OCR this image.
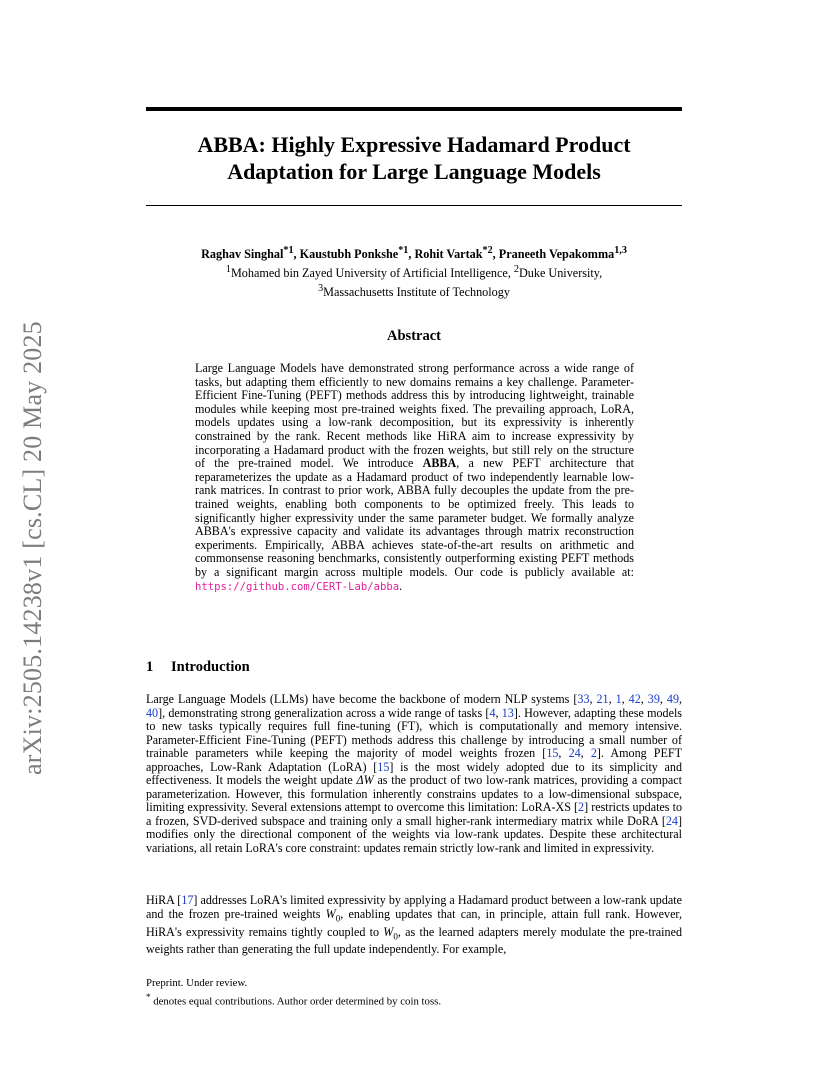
ABBA: Highly Expressive Hadamard Product
Adaptation for Large Language Models
arXiv:2505.14238v1 [cs.CL] 20 May 2025
Raghav Singhal$^{*1}$, Kaustubh Ponkshe$^{*1}$, Rohit Vartak$^{*2}$, Praneeth Vepakomma$^{1,3}$
$^1$Mohamed bin Zayed University of Artificial Intelligence, $^2$Duke University,
$^3$Massachusetts Institute of Technology
Abstract
Large Language Models have demonstrated strong performance across a wide range of tasks, but adapting them efficiently to new domains remains a key challenge. Parameter-Efficient Fine-Tuning (PEFT) methods address this by introducing lightweight, trainable modules while keeping most pre-trained weights fixed. The prevailing approach, LoRA, models updates using a low-rank decomposition, but its expressivity is inherently constrained by the rank. Recent methods like HiRA aim to increase expressivity by incorporating a Hadamard product with the frozen weights, but still rely on the structure of the pre-trained model. We introduce ABBA, a new PEFT architecture that reparameterizes the update as a Hadamard product of two independently learnable low-rank matrices. In contrast to prior work, ABBA fully decouples the update from the pre-trained weights, enabling both components to be optimized freely. This leads to significantly higher expressivity under the same parameter budget. We formally analyze ABBA's expressive capacity and validate its advantages through matrix reconstruction experiments. Empirically, ABBA achieves state-of-the-art results on arithmetic and commonsense reasoning benchmarks, consistently outperforming existing PEFT methods by a significant margin across multiple models. Our code is publicly available at: https://github.com/CERT-Lab/abba.
1 Introduction

Large Language Models (LLMs) have become the backbone of modern NLP systems [33, 21, 1, 42, 39, 49, 40], demonstrating strong generalization across a wide range of tasks [4, 13]. However, adapting these models to new tasks typically requires full fine-tuning (FT), which is computationally and memory intensive. Parameter-Efficient Fine-Tuning (PEFT) methods address this challenge by introducing a small number of trainable parameters while keeping the majority of model weights frozen [15, 24, 2]. Among PEFT approaches, Low-Rank Adaptation (LoRA) [15] is the most widely adopted due to its simplicity and effectiveness. It models the weight update ΔW as the product of two low-rank matrices, providing a compact parameterization. However, this formulation inherently constrains updates to a low-dimensional subspace, limiting expressivity. Several extensions attempt to overcome this limitation: LoRA-XS [2] restricts updates to a frozen, SVD-derived subspace and training only a small higher-rank intermediary matrix while DoRA [24] modifies only the directional component of the weights via low-rank updates. Despite these architectural variations, all retain LoRA's core constraint: updates remain strictly low-rank and limited in expressivity.

HiRA [17] addresses LoRA's limited expressivity by applying a Hadamard product between a low-rank update and the frozen pre-trained weights $W_0$, enabling updates that can, in principle, attain full rank. However, HiRA's expressivity remains tightly coupled to $W_0$, as the learned adapters merely modulate the pre-trained weights rather than generating the full update independently. For example,

Preprint. Under review.
* denotes equal contributions. Author order determined by coin toss.
